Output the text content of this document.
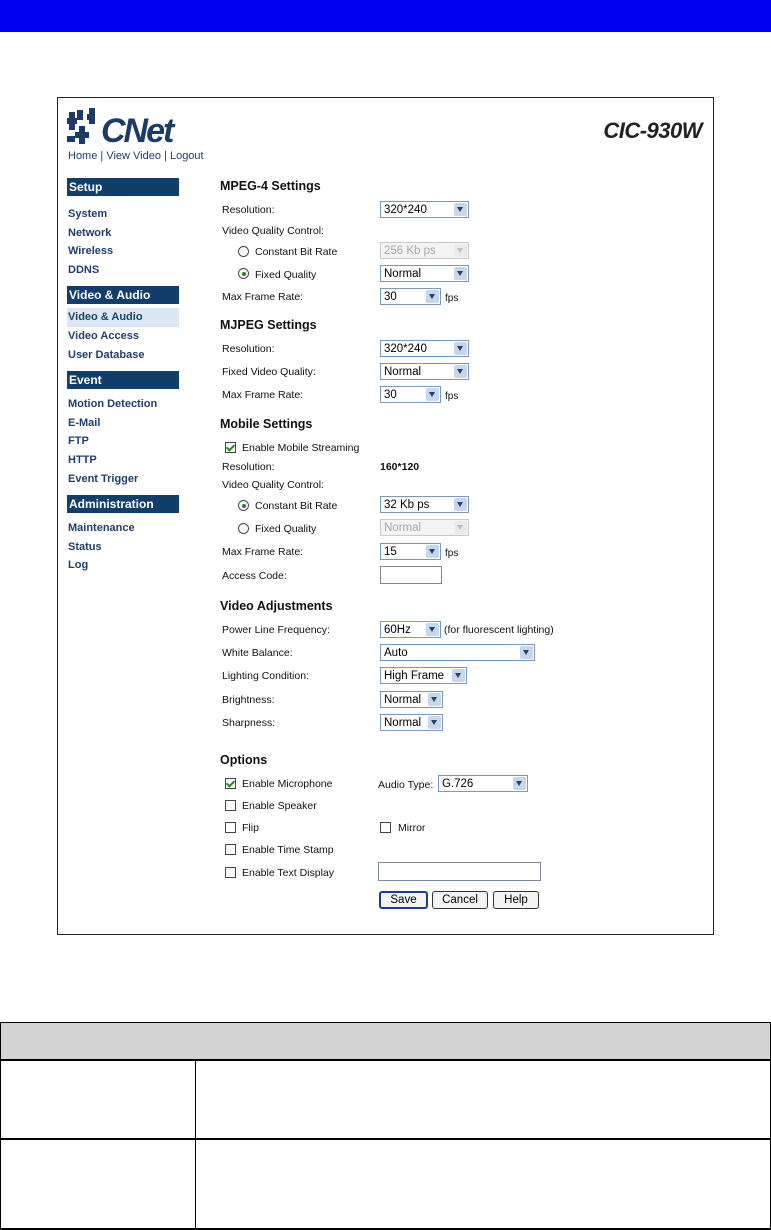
CNet	CIC-930W
Home | View Video | Logout
Setup
System
Network
Wireless
DDNS
Video & Audio
Video & Audio
Video Access
User Database
Event
Motion Detection
E-Mail
FTP
HTTP
Event Trigger
Administration
Maintenance
Status
Log
MPEG-4 Settings
Resolution:	320*240
Video Quality Control:
Constant Bit Rate	256 Kb ps
Fixed Quality	Normal
Max Frame Rate:	30	fps
MJPEG Settings
Resolution:	320*240
Fixed Video Quality:	Normal
Max Frame Rate:	30	fps
Mobile Settings
Enable Mobile Streaming
Resolution:	160*120
Video Quality Control:
Constant Bit Rate	32 Kb ps
Fixed Quality	Normal
Max Frame Rate:	15	fps
Access Code:
Video Adjustments
Power Line Frequency:	60Hz	(for fluorescent lighting)
White Balance:	Auto
Lighting Condition:	High Frame
Brightness:	Normal
Sharpness:	Normal
Options
Enable Microphone	Audio Type: G.726
Enable Speaker
Flip	Mirror
Enable Time Stamp
Enable Text Display
Save	Cancel	Help
